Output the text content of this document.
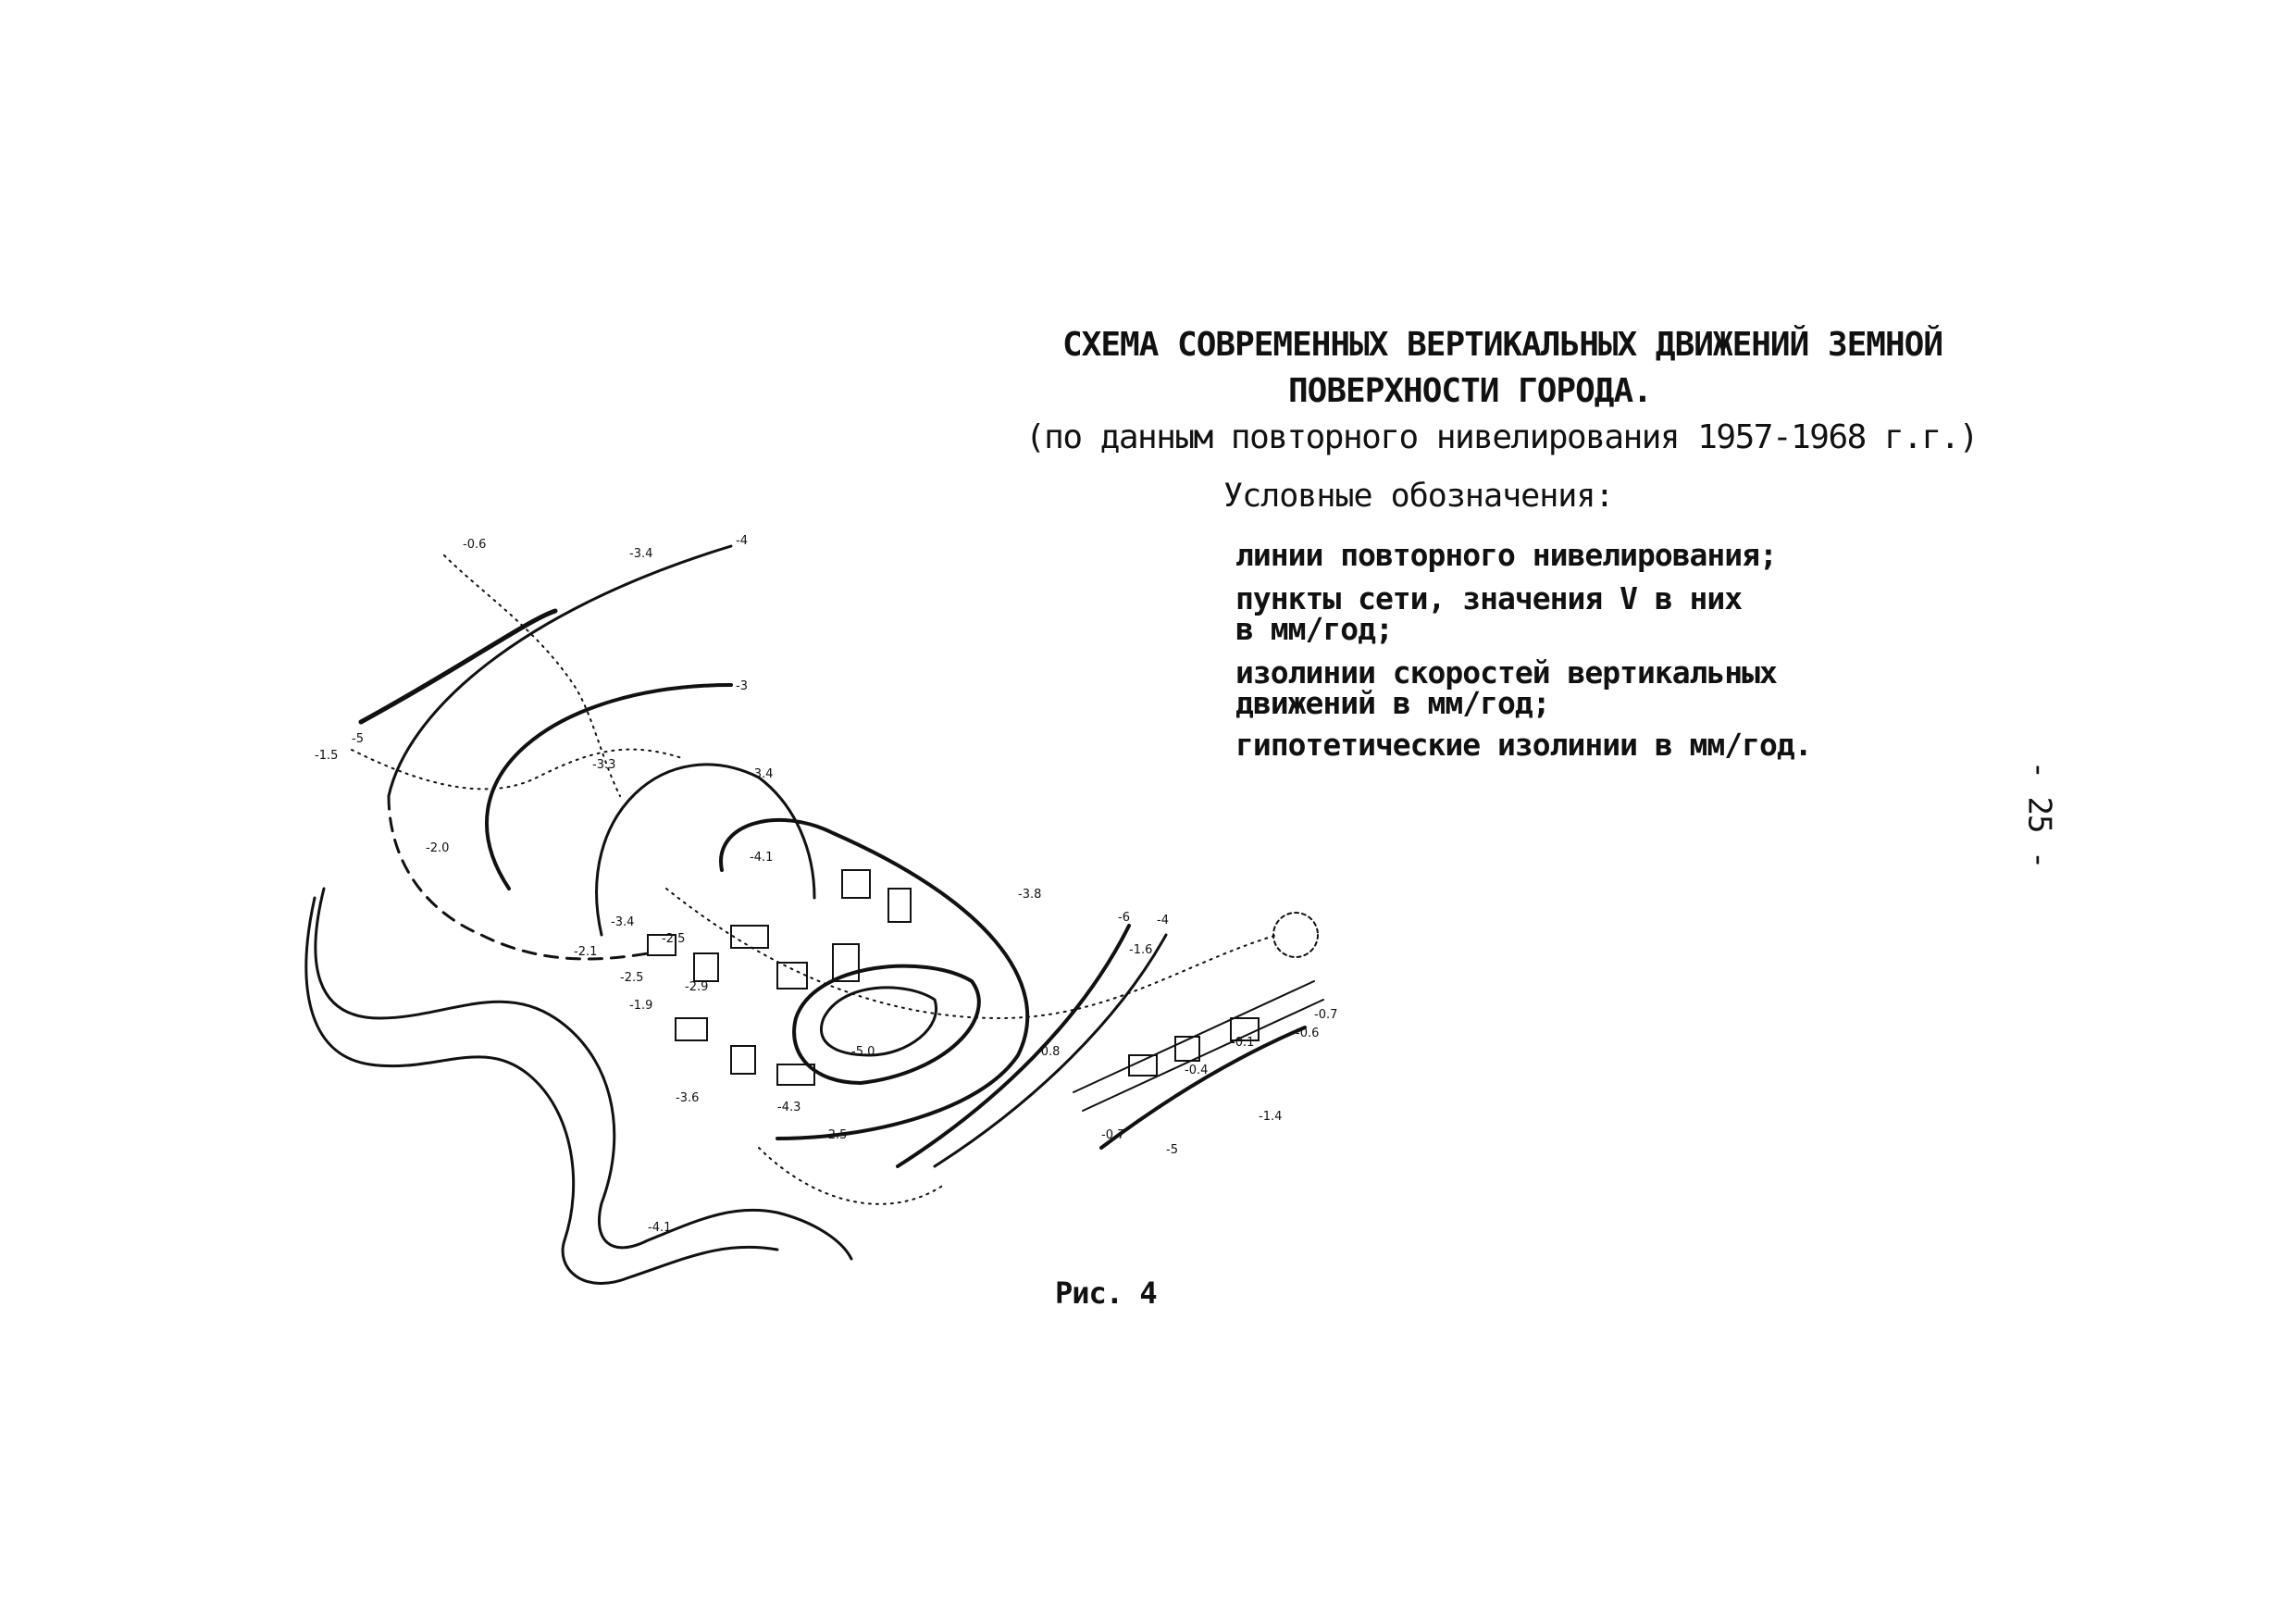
СХЕМА СОВРЕМЕННЫХ ВЕРТИКАЛЬНЫХ ДВИЖЕНИЙ ЗЕМНОЙ
ПОВЕРХНОСТИ ГОРОДА.
(по данным повторного нивелирования 1957-1968 г.г.)
Условные обозначения:
линии повторного нивелирования;
пункты сети, значения V в них
в мм/год;
изолинии скоростей вертикальных
движений в мм/год;
гипотетические изолинии в мм/год.
Рис. 4
- 25 -
-0.6
-3.4
-1.5
-3.3
-3.4
-2.0
-4.1
-3.8
-3.4
-2.5
-2.1
-2.5
-2.9
-1.9
-5.0
-1.6
-3.6
-4.3
-2.5
-0.8
-0.1
-0.6
-0.4
-0.7
-1.4
-0.7
-4.1
-5
-4
-3
-6 -4
-5
